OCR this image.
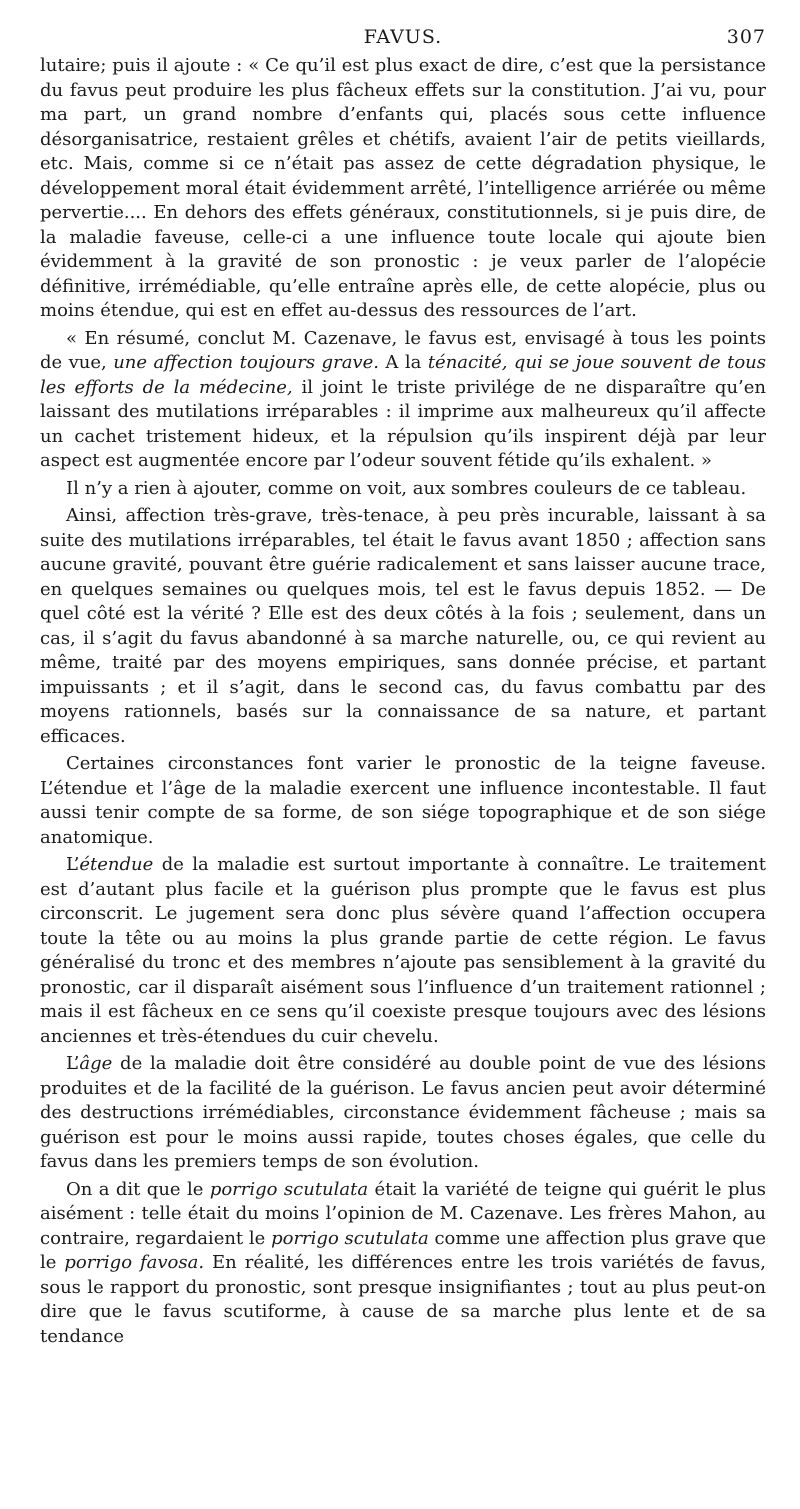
FAVUS.	307

lutaire; puis il ajoute : « Ce qu’il est plus exact de dire, c’est que la persistance du favus peut produire les plus fâcheux effets sur la constitution. J’ai vu, pour ma part, un grand nombre d’enfants qui, placés sous cette influence désorganisatrice, restaient grêles et chétifs, avaient l’air de petits vieillards, etc. Mais, comme si ce n’était pas assez de cette dégradation physique, le développement moral était évidemment arrêté, l’intelligence arriérée ou même pervertie.... En dehors des effets généraux, constitutionnels, si je puis dire, de la maladie faveuse, celle-ci a une influence toute locale qui ajoute bien évidemment à la gravité de son pronostic : je veux parler de l’alopécie définitive, irrémédiable, qu’elle entraîne après elle, de cette alopécie, plus ou moins étendue, qui est en effet au-dessus des ressources de l’art.

« En résumé, conclut M. Cazenave, le favus est, envisagé à tous les points de vue, une affection toujours grave. A la ténacité, qui se joue souvent de tous les efforts de la médecine, il joint le triste privilége de ne disparaître qu’en laissant des mutilations irréparables : il imprime aux malheureux qu’il affecte un cachet tristement hideux, et la répulsion qu’ils inspirent déjà par leur aspect est augmentée encore par l’odeur souvent fétide qu’ils exhalent. »

Il n’y a rien à ajouter, comme on voit, aux sombres couleurs de ce tableau.

Ainsi, affection très-grave, très-tenace, à peu près incurable, laissant à sa suite des mutilations irréparables, tel était le favus avant 1850 ; affection sans aucune gravité, pouvant être guérie radicalement et sans laisser aucune trace, en quelques semaines ou quelques mois, tel est le favus depuis 1852. — De quel côté est la vérité ? Elle est des deux côtés à la fois ; seulement, dans un cas, il s’agit du favus abandonné à sa marche naturelle, ou, ce qui revient au même, traité par des moyens empiriques, sans donnée précise, et partant impuissants ; et il s’agit, dans le second cas, du favus combattu par des moyens rationnels, basés sur la connaissance de sa nature, et partant efficaces.

Certaines circonstances font varier le pronostic de la teigne faveuse. L’étendue et l’âge de la maladie exercent une influence incontestable. Il faut aussi tenir compte de sa forme, de son siége topographique et de son siége anatomique.

L’étendue de la maladie est surtout importante à connaître. Le traitement est d’autant plus facile et la guérison plus prompte que le favus est plus circonscrit. Le jugement sera donc plus sévère quand l’affection occupera toute la tête ou au moins la plus grande partie de cette région. Le favus généralisé du tronc et des membres n’ajoute pas sensiblement à la gravité du pronostic, car il disparaît aisément sous l’influence d’un traitement rationnel ; mais il est fâcheux en ce sens qu’il coexiste presque toujours avec des lésions anciennes et très-étendues du cuir chevelu.

L’âge de la maladie doit être considéré au double point de vue des lésions produites et de la facilité de la guérison. Le favus ancien peut avoir déterminé des destructions irrémédiables, circonstance évidemment fâcheuse ; mais sa guérison est pour le moins aussi rapide, toutes choses égales, que celle du favus dans les premiers temps de son évolution.

On a dit que le porrigo scutulata était la variété de teigne qui guérit le plus aisément : telle était du moins l’opinion de M. Cazenave. Les frères Mahon, au contraire, regardaient le porrigo scutulata comme une affection plus grave que le porrigo favosa. En réalité, les différences entre les trois variétés de favus, sous le rapport du pronostic, sont presque insignifiantes ; tout au plus peut-on dire que le favus scutiforme, à cause de sa marche plus lente et de sa tendance
